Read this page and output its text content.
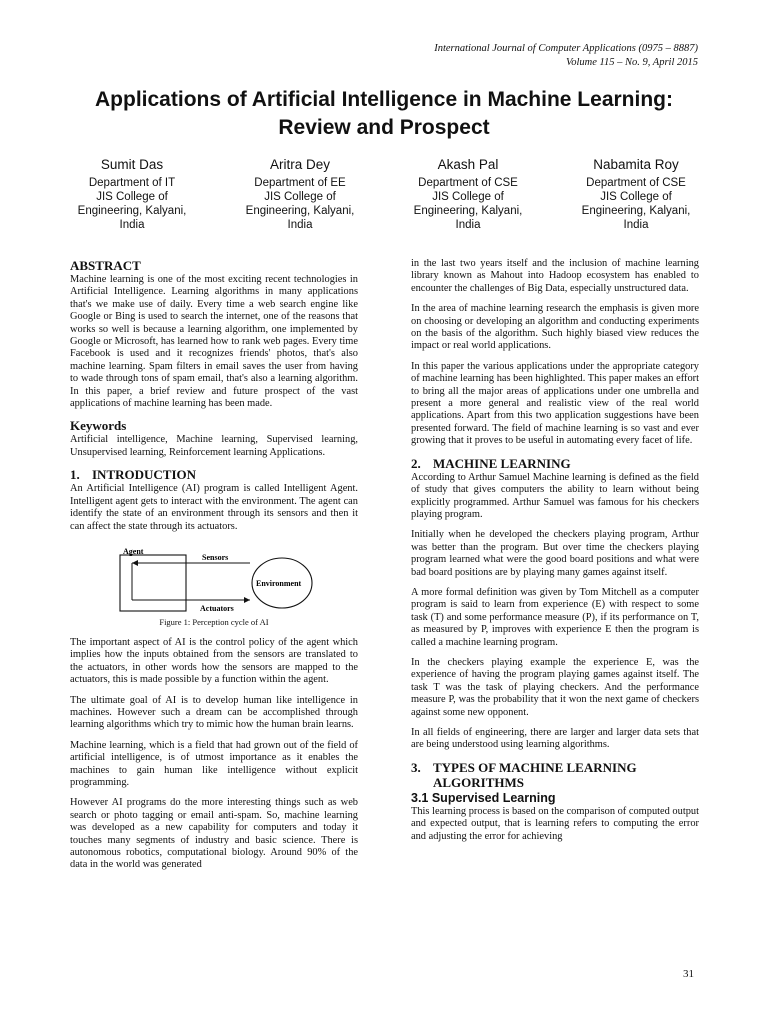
International Journal of Computer Applications (0975 – 8887)
Volume 115 – No. 9, April 2015
Applications of Artificial Intelligence in Machine Learning: Review and Prospect
Sumit Das
Department of IT
JIS College of
Engineering, Kalyani,
India
Aritra Dey
Department of EE
JIS College of
Engineering, Kalyani,
India
Akash Pal
Department of CSE
JIS College of
Engineering, Kalyani,
India
Nabamita Roy
Department of CSE
JIS College of
Engineering, Kalyani,
India
ABSTRACT

Machine learning is one of the most exciting recent technologies in Artificial Intelligence. Learning algorithms in many applications that's we make use of daily. Every time a web search engine like Google or Bing is used to search the internet, one of the reasons that works so well is because a learning algorithm, one implemented by Google or Microsoft, has learned how to rank web pages. Every time Facebook is used and it recognizes friends' photos, that's also machine learning. Spam filters in email saves the user from having to wade through tons of spam email, that's also a learning algorithm. In this paper, a brief review and future prospect of the vast applications of machine learning has been made.

Keywords

Artificial intelligence, Machine learning, Supervised learning, Unsupervised learning, Reinforcement learning Applications.

1. INTRODUCTION

An Artificial Intelligence (AI) program is called Intelligent Agent. Intelligent agent gets to interact with the environment. The agent can identify the state of an environment through its sensors and then it can affect the state through its actuators.

Agent
Sensors
Environment
Actuators
Figure 1: Perception cycle of AI

The important aspect of AI is the control policy of the agent which implies how the inputs obtained from the sensors are translated to the actuators, in other words how the sensors are mapped to the actuators, this is made possible by a function within the agent.

The ultimate goal of AI is to develop human like intelligence in machines. However such a dream can be accomplished through learning algorithms which try to mimic how the human brain learns.

Machine learning, which is a field that had grown out of the field of artificial intelligence, is of utmost importance as it enables the machines to gain human like intelligence without explicit programming.

However AI programs do the more interesting things such as web search or photo tagging or email anti-spam. So, machine learning was developed as a new capability for computers and today it touches many segments of industry and basic science. There is autonomous robotics, computational biology. Around 90% of the data in the world was generated

in the last two years itself and the inclusion of machine learning library known as Mahout into Hadoop ecosystem has enabled to encounter the challenges of Big Data, especially unstructured data.

In the area of machine learning research the emphasis is given more on choosing or developing an algorithm and conducting experiments on the basis of the algorithm. Such highly biased view reduces the impact or real world applications.

In this paper the various applications under the appropriate category of machine learning has been highlighted. This paper makes an effort to bring all the major areas of applications under one umbrella and present a more general and realistic view of the real world applications. Apart from this two application suggestions have been presented forward. The field of machine learning is so vast and ever growing that it proves to be useful in automating every facet of life.

2. MACHINE LEARNING

According to Arthur Samuel Machine learning is defined as the field of study that gives computers the ability to learn without being explicitly programmed. Arthur Samuel was famous for his checkers playing program.

Initially when he developed the checkers playing program, Arthur was better than the program. But over time the checkers playing program learned what were the good board positions and what were bad board positions are by playing many games against itself.

A more formal definition was given by Tom Mitchell as a computer program is said to learn from experience (E) with respect to some task (T) and some performance measure (P), if its performance on T, as measured by P, improves with experience E then the program is called a machine learning program.

In the checkers playing example the experience E, was the experience of having the program playing games against itself. The task T was the task of playing checkers. And the performance measure P, was the probability that it won the next game of checkers against some new opponent.

In all fields of engineering, there are larger and larger data sets that are being understood using learning algorithms.

3. TYPES OF MACHINE LEARNING ALGORITHMS
3.1 Supervised Learning

This learning process is based on the comparison of computed output and expected output, that is learning refers to computing the error and adjusting the error for achieving

31
